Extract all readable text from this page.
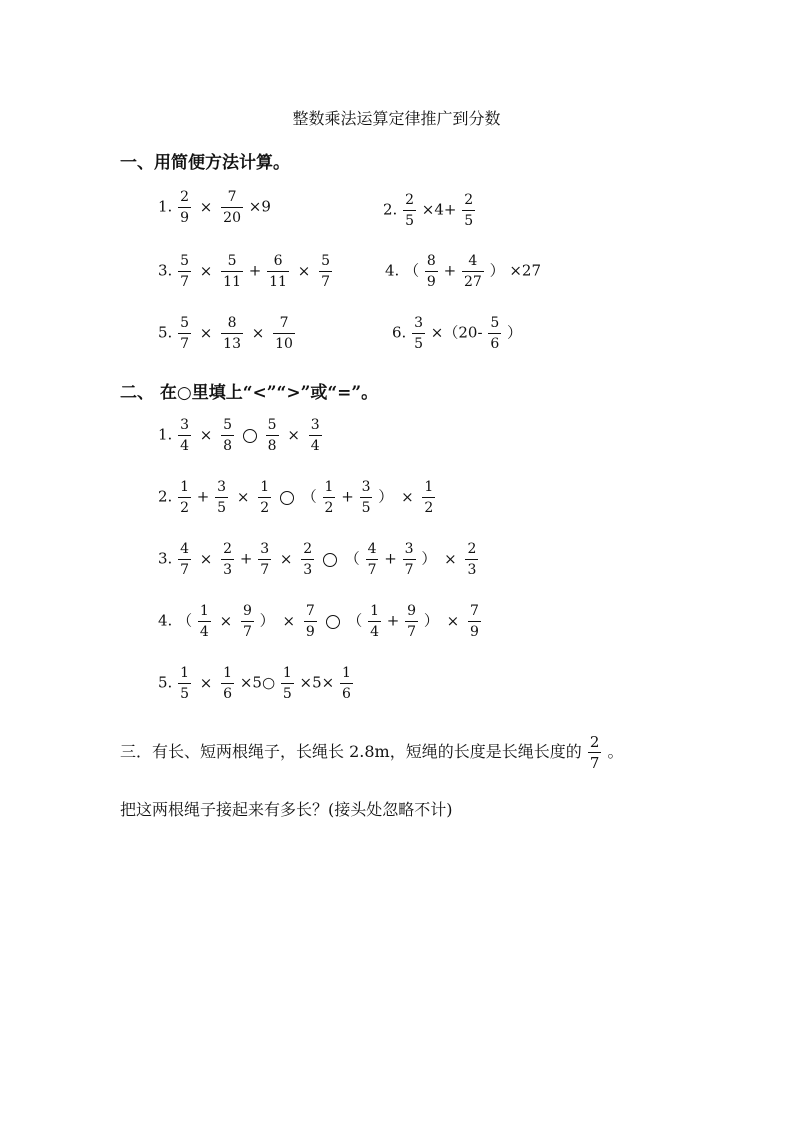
整数乘法运算定律推广到分数
一、用简便方法计算。
1. $\frac{2}{9} \times \frac{7}{20} \times 9$	2. $\frac{2}{5} \times 4+ \frac{2}{5}$
3. $\frac{5}{7} \times \frac{5}{11} + \frac{6}{11} \times \frac{5}{7}$	4. （ $\frac{8}{9} + \frac{4}{27}$ ） ×27
5. $\frac{5}{7} \times \frac{8}{13} \times \frac{7}{10}$	6. $\frac{3}{5} \times(20- \frac{5}{6}$ ）
二、 在○里填上“<”“>”或“=”。
1. $\frac{3}{4} \times \frac{5}{8}$
$\frac{5}{8} \times \frac{3}{4}$
2. $\frac{1}{2} + \frac{3}{5} \times \frac{1}{2}$ （ $\frac{1}{2} + \frac{3}{5}$ ） × $\frac{1}{2}$
3. $\frac{4}{7} \times \frac{2}{3} + \frac{3}{7} \times \frac{2}{3}$ （ $\frac{4}{7} + \frac{3}{7}$ ） × $\frac{2}{3}$
4. （ $\frac{1}{4} \times \frac{9}{7}$ ） × $\frac{7}{9}$ （ $\frac{1}{4} + \frac{9}{7}$ ） × $\frac{7}{9}$
5. $\frac{1}{5} \times \frac{1}{6}$ ×5○ $\frac{1}{5} \times 5\times \frac{1}{6}$
三．有长、短两根绳子，长绳长 2.8m，短绳的长度是长绳长度的 $\frac{2}{7}$ 。
把这两根绳子接起来有多长？(接头处忽略不计)
